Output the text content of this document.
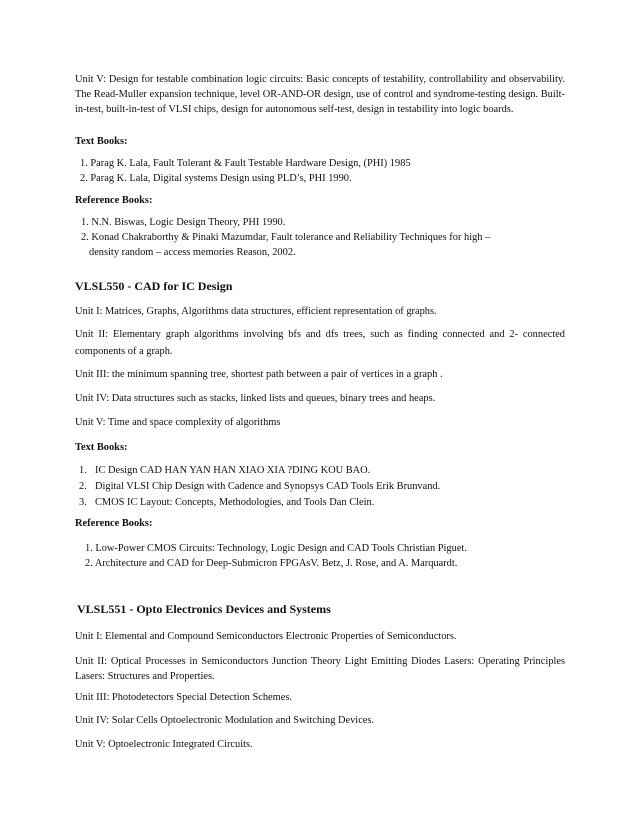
Unit V: Design for testable combination logic circuits: Basic concepts of testability, controllability and observability. The Read-Muller expansion technique, level OR-AND-OR design, use of control and syndrome-testing design. Built-in-test, built-in-test of VLSI chips, design for autonomous self-test, design in testability into logic boards.
Text Books:
1. Parag K. Lala, Fault Tolerant & Fault Testable Hardware Design, (PHI) 1985
2. Parag K. Lala, Digital systems Design using PLD’s, PHI 1990.
Reference Books:
1. N.N. Biswas, Logic Design Theory, PHI 1990.
2. Konad Chakraborthy & Pinaki Mazumdar, Fault tolerance and Reliability Techniques for high –
density random – access memories Reason, 2002.
VLSL550 - CAD for IC Design
Unit I: Matrices, Graphs, Algorithms data structures, efficient representation of graphs.
Unit II: Elementary graph algorithms involving bfs and dfs trees, such as finding connected and 2- connected components of a graph.
Unit III: the minimum spanning tree, shortest path between a pair of vertices in a graph .
Unit IV: Data structures such as stacks, linked lists and queues, binary trees and heaps.
Unit V: Time and space complexity of algorithms
Text Books:
1. IC Design CAD HAN YAN HAN XIAO XIA ?DING KOU BAO.
2. Digital VLSI Chip Design with Cadence and Synopsys CAD Tools Erik Brunvand.
3. CMOS IC Layout: Concepts, Methodologies, and Tools Dan Clein.
Reference Books:
1. Low-Power CMOS Circuits: Technology, Logic Design and CAD Tools Christian Piguet.
2. Architecture and CAD for Deep-Submicron FPGAsV. Betz, J. Rose, and A. Marquardt.
VLSL551 - Opto Electronics Devices and Systems
Unit I: Elemental and Compound Semiconductors Electronic Properties of Semiconductors.
Unit II: Optical Processes in Semiconductors Junction Theory Light Emitting Diodes Lasers: Operating Principles Lasers: Structures and Properties.
Unit III: Photodetectors Special Detection Schemes.
Unit IV: Solar Cells Optoelectronic Modulation and Switching Devices.
Unit V: Optoelectronic Integrated Circuits.
